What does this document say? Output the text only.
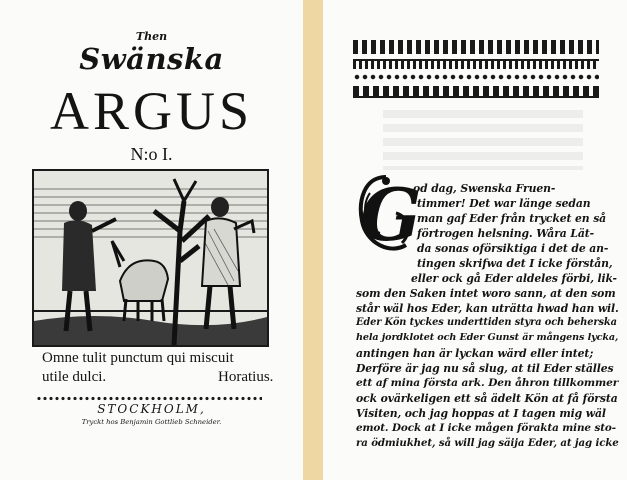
Then
Swänska
ARGUS
N:o I.
Omne tulit punctum qui miscuit
utile dulci.	Horatius.
STOCKHOLM,
Tryckt hos Benjamin Gottlieb Schneider.
G
od dag, Swenska Fruen-
timmer! Det war länge sedan
man gaf Eder från trycket en så
förtrogen helsning. Wåra Lät-
da sonas oförsiktiga i det de an-
tingen skrifwa det I icke förstån,
eller ock gå Eder aldeles förbi, lik-
som den Saken intet woro sann, at den som
står wäl hos Eder, kan uträtta hwad han wil.
Eder Kön tyckes underttiden styra och beherska
hela jordklotet och Eder Gunst är mångens lycka,
antingen han är lyckan wärd eller intet;
Derföre är jag nu så slug, at til Eder ställes
ett af mina första ark. Den åhron tillkommer
ock ovärkeligen ett så ädelt Kön at få första
Visiten, och jag hoppas at I tagen mig wäl
emot. Dock at I icke mågen förakta mine sto-
ra ödmiukhet, så will jag säija Eder, at jag icke
